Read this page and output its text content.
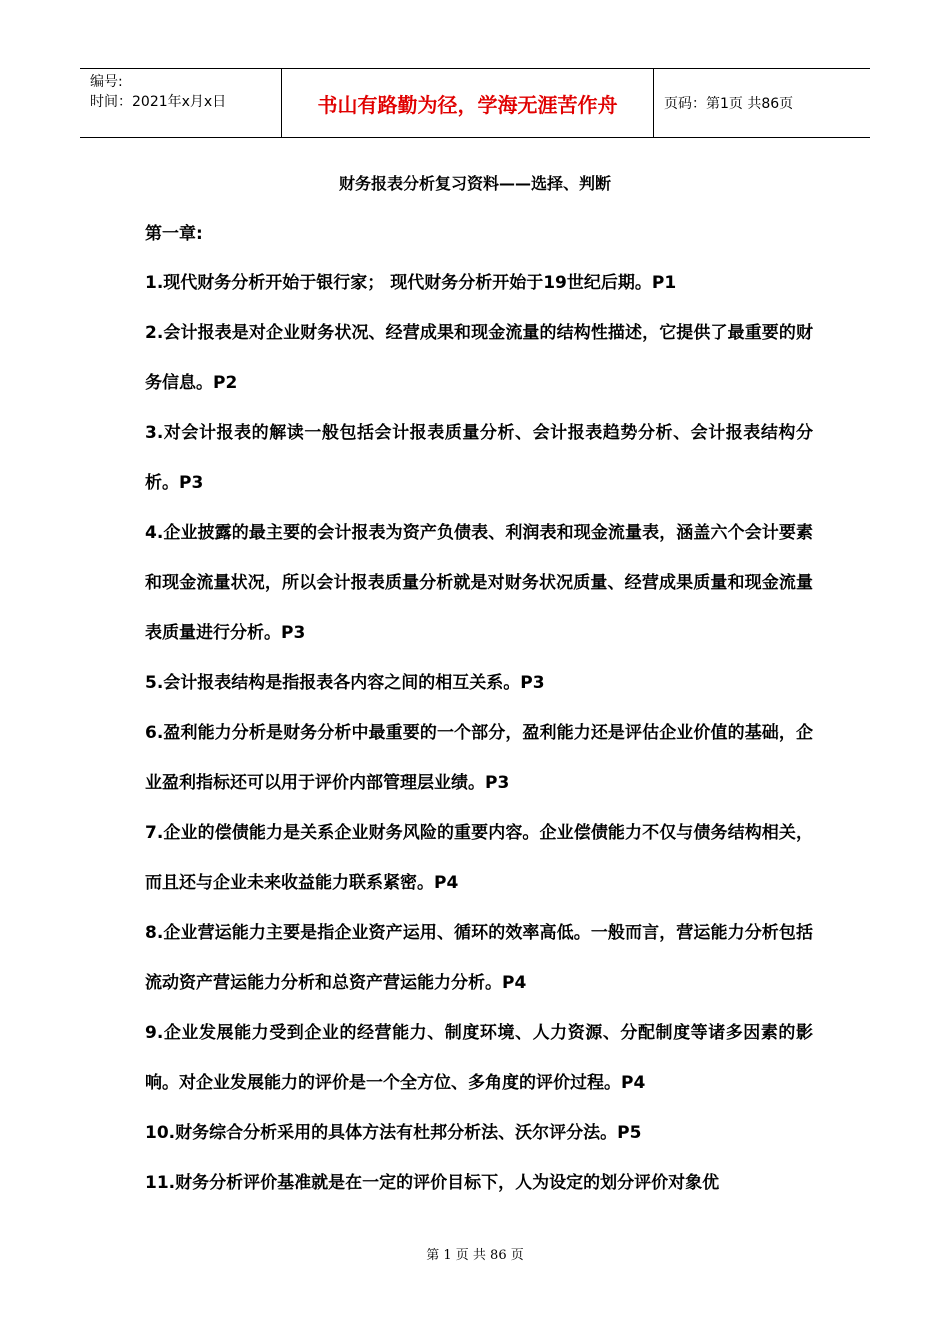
编号:
时间：2021年x月x日	书山有路勤为径，学海无涯苦作舟	页码：第1页 共86页
财务报表分析复习资料——选择、判断
第一章:

1.现代财务分析开始于银行家； 现代财务分析开始于19世纪后期。P1

2.会计报表是对企业财务状况、经营成果和现金流量的结构性描述，它提供了最重要的财务信息。P2

3.对会计报表的解读一般包括会计报表质量分析、会计报表趋势分析、会计报表结构分析。P3

4.企业披露的最主要的会计报表为资产负债表、利润表和现金流量表，涵盖六个会计要素和现金流量状况，所以会计报表质量分析就是对财务状况质量、经营成果质量和现金流量表质量进行分析。P3

5.会计报表结构是指报表各内容之间的相互关系。P3

6.盈利能力分析是财务分析中最重要的一个部分，盈利能力还是评估企业价值的基础，企业盈利指标还可以用于评价内部管理层业绩。P3

7.企业的偿债能力是关系企业财务风险的重要内容。企业偿债能力不仅与债务结构相关，而且还与企业未来收益能力联系紧密。P4

8.企业营运能力主要是指企业资产运用、循环的效率高低。一般而言，营运能力分析包括流动资产营运能力分析和总资产营运能力分析。P4

9.企业发展能力受到企业的经营能力、制度环境、人力资源、分配制度等诸多因素的影响。对企业发展能力的评价是一个全方位、多角度的评价过程。P4

10.财务综合分析采用的具体方法有杜邦分析法、沃尔评分法。P5

11.财务分析评价基准就是在一定的评价目标下，人为设定的划分评价对象优

第 1 页 共 86 页
